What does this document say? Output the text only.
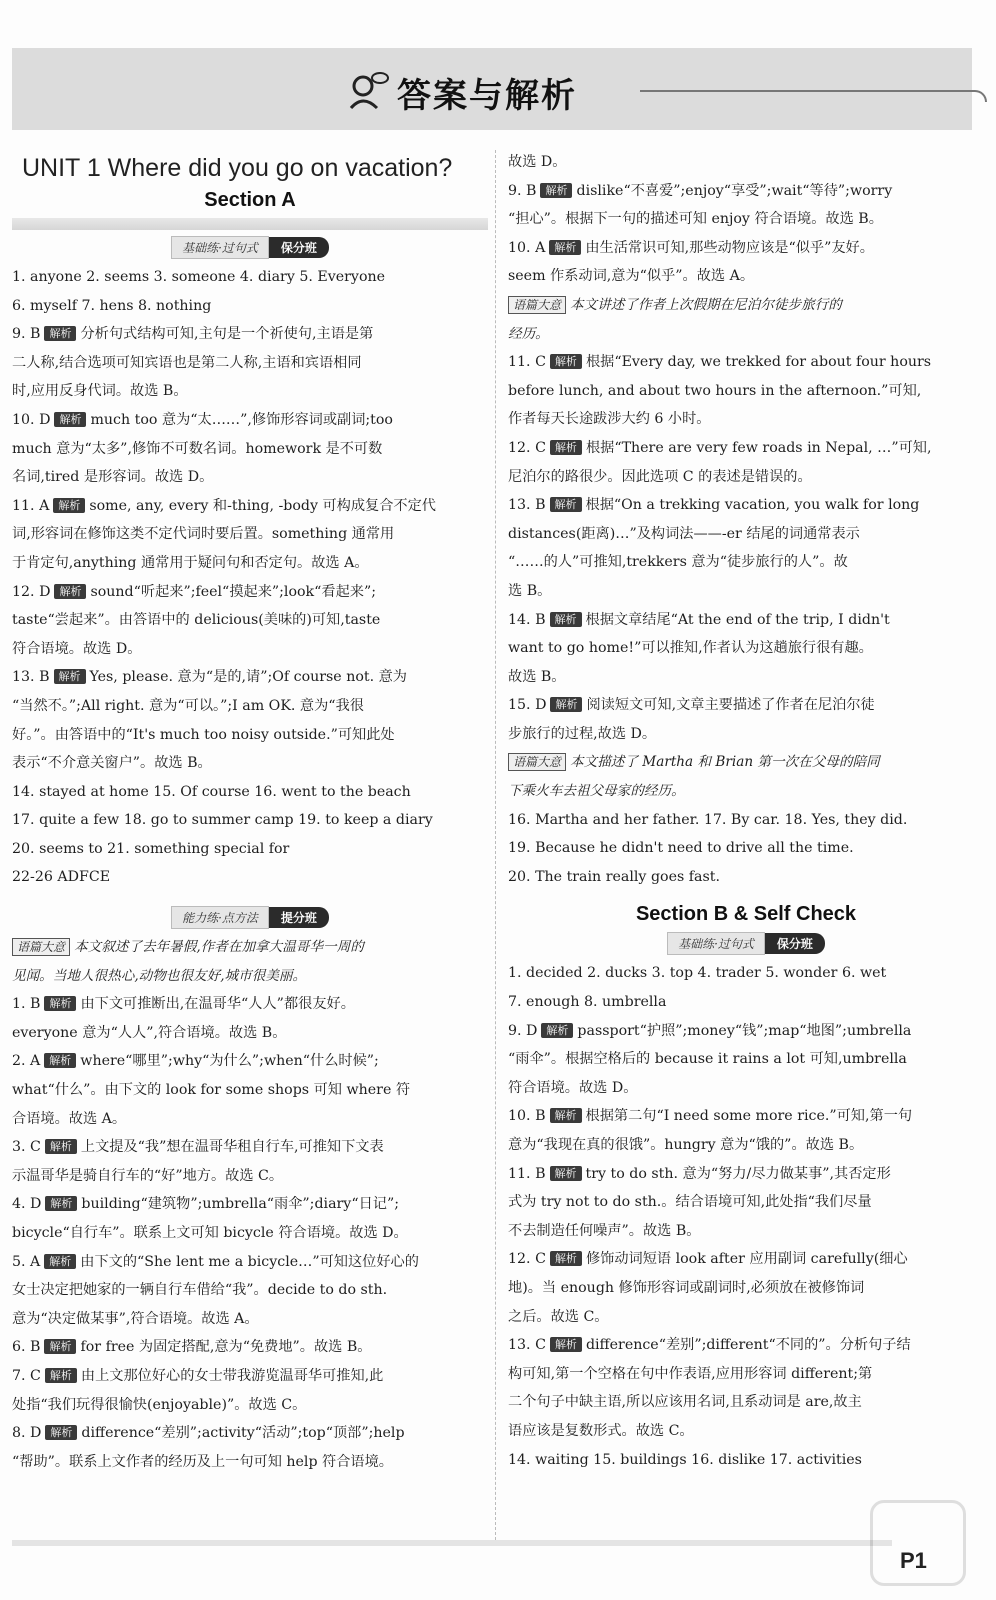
答案与解析
UNIT 1 Where did you go on vacation?
Section A
基础练·过句式 保分班
1. anyone 2. seems 3. someone 4. diary 5. Everyone
6. myself 7. hens 8. nothing
9. B 解析 分析句式结构可知,主句是一个祈使句,主语是第
二人称,结合选项可知宾语也是第二人称,主语和宾语相同
时,应用反身代词。故选 B。
10. D 解析 much too 意为“太……”,修饰形容词或副词;too
much 意为“太多”,修饰不可数名词。homework 是不可数
名词,tired 是形容词。故选 D。
11. A 解析 some, any, every 和-thing, -body 可构成复合不定代
词,形容词在修饰这类不定代词时要后置。something 通常用
于肯定句,anything 通常用于疑问句和否定句。故选 A。
12. D 解析 sound“听起来”;feel“摸起来”;look“看起来”;
taste“尝起来”。由答语中的 delicious(美味的)可知,taste
符合语境。故选 D。
13. B 解析 Yes, please. 意为“是的,请”;Of course not. 意为
“当然不。”;All right. 意为“可以。”;I am OK. 意为“我很
好。”。由答语中的“It's much too noisy outside.”可知此处
表示“不介意关窗户”。故选 B。
14. stayed at home 15. Of course 16. went to the beach
17. quite a few 18. go to summer camp 19. to keep a diary
20. seems to 21. something special for
22-26 ADFCE
能力练·点方法 提分班
语篇大意 本文叙述了去年暑假,作者在加拿大温哥华一周的
见闻。当地人很热心,动物也很友好,城市很美丽。
1. B 解析 由下文可推断出,在温哥华“人人”都很友好。
everyone 意为“人人”,符合语境。故选 B。
2. A 解析 where“哪里”;why“为什么”;when“什么时候”;
what“什么”。由下文的 look for some shops 可知 where 符
合语境。故选 A。
3. C 解析 上文提及“我”想在温哥华租自行车,可推知下文表
示温哥华是骑自行车的“好”地方。故选 C。
4. D 解析 building“建筑物”;umbrella“雨伞”;diary“日记”;
bicycle“自行车”。联系上文可知 bicycle 符合语境。故选 D。
5. A 解析 由下文的“She lent me a bicycle…”可知这位好心的
女士决定把她家的一辆自行车借给“我”。decide to do sth.
意为“决定做某事”,符合语境。故选 A。
6. B 解析 for free 为固定搭配,意为“免费地”。故选 B。
7. C 解析 由上文那位好心的女士带我游览温哥华可推知,此
处指“我们玩得很愉快(enjoyable)”。故选 C。
8. D 解析 difference“差别”;activity“活动”;top“顶部”;help
“帮助”。联系上文作者的经历及上一句可知 help 符合语境。
故选 D。
9. B 解析 dislike“不喜爱”;enjoy“享受”;wait“等待”;worry
“担心”。根据下一句的描述可知 enjoy 符合语境。故选 B。
10. A 解析 由生活常识可知,那些动物应该是“似乎”友好。
seem 作系动词,意为“似乎”。故选 A。
语篇大意 本文讲述了作者上次假期在尼泊尔徒步旅行的
经历。
11. C 解析 根据“Every day, we trekked for about four hours
before lunch, and about two hours in the afternoon.”可知,
作者每天长途跋涉大约 6 小时。
12. C 解析 根据“There are very few roads in Nepal, …”可知,
尼泊尔的路很少。因此选项 C 的表述是错误的。
13. B 解析 根据“On a trekking vacation, you walk for long
distances(距离)…”及构词法——-er 结尾的词通常表示
“……的人”可推知,trekkers 意为“徒步旅行的人”。故
选 B。
14. B 解析 根据文章结尾“At the end of the trip, I didn't
want to go home!”可以推知,作者认为这趟旅行很有趣。
故选 B。
15. D 解析 阅读短文可知,文章主要描述了作者在尼泊尔徒
步旅行的过程,故选 D。
语篇大意 本文描述了 Martha 和 Brian 第一次在父母的陪同
下乘火车去祖父母家的经历。
16. Martha and her father. 17. By car. 18. Yes, they did.
19. Because he didn't need to drive all the time.
20. The train really goes fast.
Section B & Self Check
基础练·过句式 保分班
1. decided 2. ducks 3. top 4. trader 5. wonder 6. wet
7. enough 8. umbrella
9. D 解析 passport“护照”;money“钱”;map“地图”;umbrella
“雨伞”。根据空格后的 because it rains a lot 可知,umbrella
符合语境。故选 D。
10. B 解析 根据第二句“I need some more rice.”可知,第一句
意为“我现在真的很饿”。hungry 意为“饿的”。故选 B。
11. B 解析 try to do sth. 意为“努力/尽力做某事”,其否定形
式为 try not to do sth.。结合语境可知,此处指“我们尽量
不去制造任何噪声”。故选 B。
12. C 解析 修饰动词短语 look after 应用副词 carefully(细心
地)。当 enough 修饰形容词或副词时,必须放在被修饰词
之后。故选 C。
13. C 解析 difference“差别”;different“不同的”。分析句子结
构可知,第一个空格在句中作表语,应用形容词 different;第
二个句子中缺主语,所以应该用名词,且系动词是 are,故主
语应该是复数形式。故选 C。
14. waiting 15. buildings 16. dislike 17. activities
P1
